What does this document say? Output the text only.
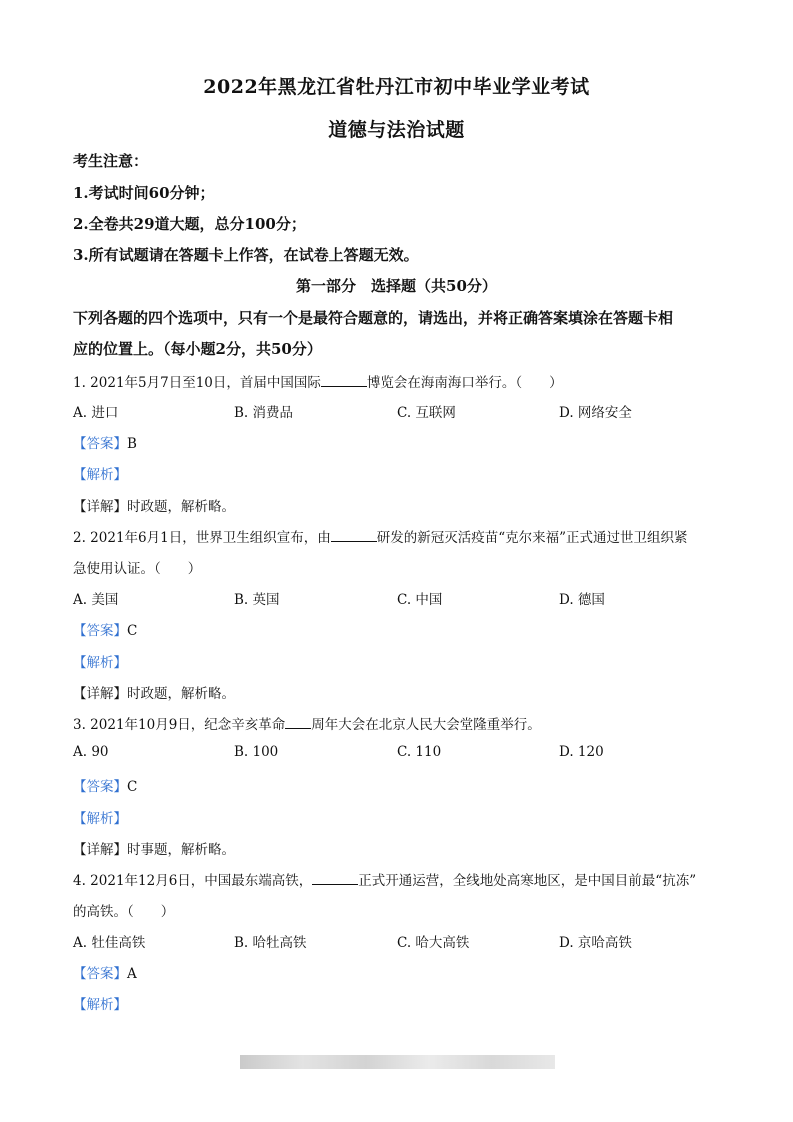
2022年黑龙江省牡丹江市初中毕业学业考试
道德与法治试题
考生注意：
1.考试时间60分钟；
2.全卷共29道大题，总分100分；
3.所有试题请在答题卡上作答，在试卷上答题无效。
第一部分　选择题（共50分）
下列各题的四个选项中，只有一个是最符合题意的，请选出，并将正确答案填涂在答题卡相
应的位置上。（每小题2分，共50分）
1. 2021年5月7日至10日，首届中国国际	博览会在海南海口举行。（　　）
A. 进口	B. 消费品	C. 互联网	D. 网络安全
【答案】B
【解析】
【详解】时政题，解析略。
2. 2021年6月1日，世界卫生组织宣布，由	研发的新冠灭活疫苗“克尔来福”正式通过世卫组织紧
急使用认证。（　　）
A. 美国	B. 英国	C. 中国	D. 德国
【答案】C
【解析】
【详解】时政题，解析略。
3. 2021年10月9日，纪念辛亥革命 周年大会在北京人民大会堂隆重举行。
A. 90	B. 100	C. 110	D. 120
【答案】C
【解析】
【详解】时事题，解析略。
4. 2021年12月6日，中国最东端高铁，	正式开通运营，全线地处高寒地区，是中国目前最“抗冻”
的高铁。（　　）
A. 牡佳高铁	B. 哈牡高铁	C. 哈大高铁	D. 京哈高铁
【答案】A
【解析】
